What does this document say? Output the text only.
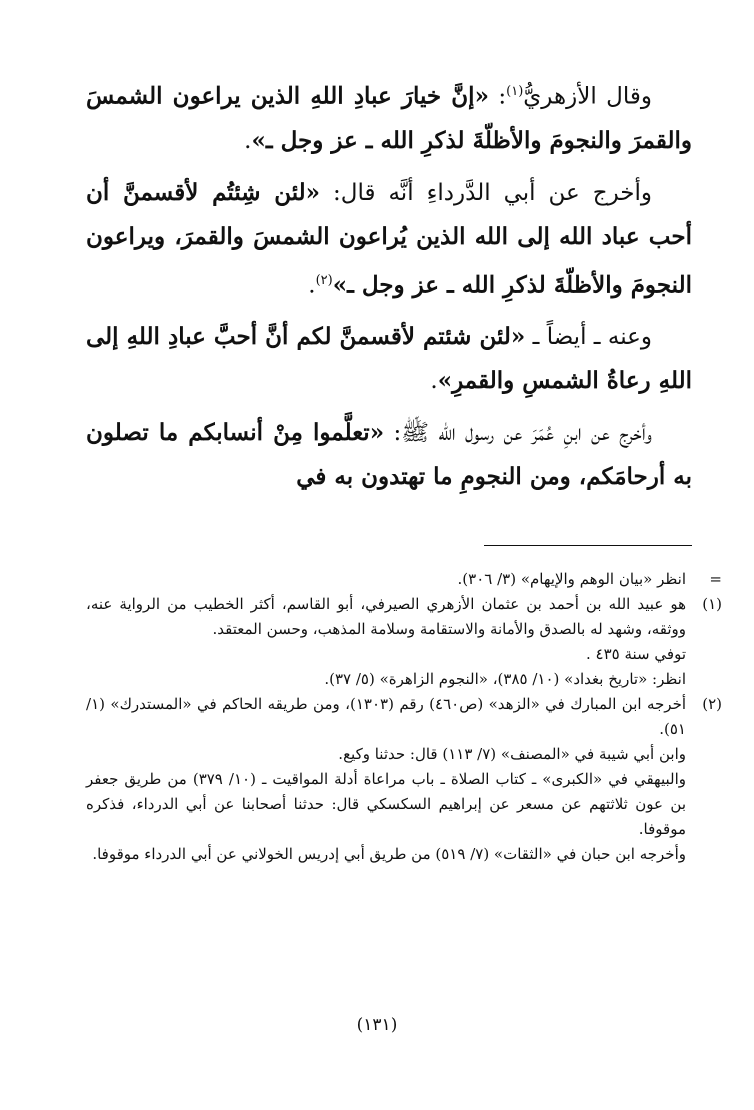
وقال الأزهريُّ$^{(١)}$: «إنَّ خيارَ عبادِ اللهِ الذين يراعون الشمسَ والقمرَ والنجومَ والأظلّةَ لذكرِ الله ـ عز وجل ـ».

وأخرج عن أبي الدَّرداءِ أنَّه قال: «لئن شِئتُم لأقسمنَّ أن أحب عباد الله إلى الله الذين يُراعون الشمسَ والقمرَ، ويراعون النجومَ والأظلّةَ لذكرِ الله ـ عز وجل ـ»$^{(٢)}$.

وعنه ـ أيضاً ـ «لئن شئتم لأقسمنَّ لكم أنَّ أحبَّ عبادِ اللهِ إلى اللهِ رعاةُ الشمسِ والقمرِ».

وأخرج عن ابنِ عُمَرَ عن رسول الله ﷺ: «تعلَّموا مِنْ أنسابكم ما تصلون به أرحامَكم، ومن النجومِ ما تهتدون به في

=
انظر «بيان الوهم والإيهام» (٣/ ٣٠٦).
(١)
هو عبيد الله بن أحمد بن عثمان الأزهري الصيرفي، أبو القاسم، أكثر الخطيب من الرواية عنه، ووثقه، وشهد له بالصدق والأمانة والاستقامة وسلامة المذهب، وحسن المعتقد.
توفي سنة ٤٣٥ .
انظر: «تاريخ بغداد» (١٠/ ٣٨٥)، «النجوم الزاهرة» (٥/ ٣٧).
(٢)
أخرجه ابن المبارك في «الزهد» (ص٤٦٠) رقم (١٣٠٣)، ومن طريقه الحاكم في «المستدرك» (١/ ٥١).
وابن أبي شيبة في «المصنف» (٧/ ١١٣) قال: حدثنا وكيع.
والبيهقي في «الكبرى» ـ كتاب الصلاة ـ باب مراعاة أدلة المواقيت ـ (١٠/ ٣٧٩) من طريق جعفر بن عون ثلاثتهم عن مسعر عن إبراهيم السكسكي قال: حدثنا أصحابنا عن أبي الدرداء، فذكره موقوفا.
وأخرجه ابن حبان في «الثقات» (٧/ ٥١٩) من طريق أبي إدريس الخولاني عن أبي الدرداء موقوفا.
(١٣١)
